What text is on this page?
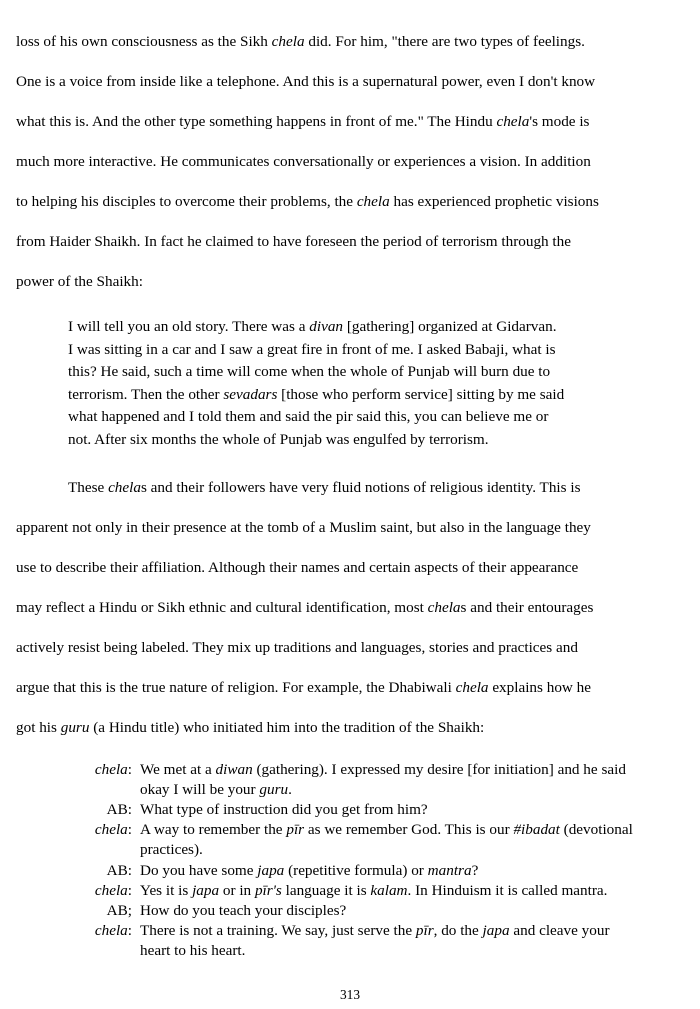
loss of his own consciousness as the Sikh chela did. For him, "there are two types of feelings.
One is a voice from inside like a telephone. And this is a supernatural power, even I don't know
what this is. And the other type something happens in front of me." The Hindu chela's mode is
much more interactive. He communicates conversationally or experiences a vision. In addition
to helping his disciples to overcome their problems, the chela has experienced prophetic visions
from Haider Shaikh. In fact he claimed to have foreseen the period of terrorism through the
power of the Shaikh:
I will tell you an old story. There was a divan [gathering] organized at Gidarvan.
I was sitting in a car and I saw a great fire in front of me. I asked Babaji, what is
this? He said, such a time will come when the whole of Punjab will burn due to
terrorism. Then the other sevadars [those who perform service] sitting by me said
what happened and I told them and said the pir said this, you can believe me or
not. After six months the whole of Punjab was engulfed by terrorism.
These chelas and their followers have very fluid notions of religious identity. This is
apparent not only in their presence at the tomb of a Muslim saint, but also in the language they
use to describe their affiliation. Although their names and certain aspects of their appearance
may reflect a Hindu or Sikh ethnic and cultural identification, most chelas and their entourages
actively resist being labeled. They mix up traditions and languages, stories and practices and
argue that this is the true nature of religion. For example, the Dhabiwali chela explains how he
got his guru (a Hindu title) who initiated him into the tradition of the Shaikh:
chela: We met at a diwan (gathering). I expressed my desire [for initiation] and he said
okay I will be your guru.
AB: What type of instruction did you get from him?
chela: A way to remember the pīr as we remember God. This is our #ibadat (devotional
practices).
AB: Do you have some japa (repetitive formula) or mantra?
chela: Yes it is japa or in pīr's language it is kalam. In Hinduism it is called mantra.
AB; How do you teach your disciples?
chela: There is not a training. We say, just serve the pīr, do the japa and cleave your
heart to his heart.
313
